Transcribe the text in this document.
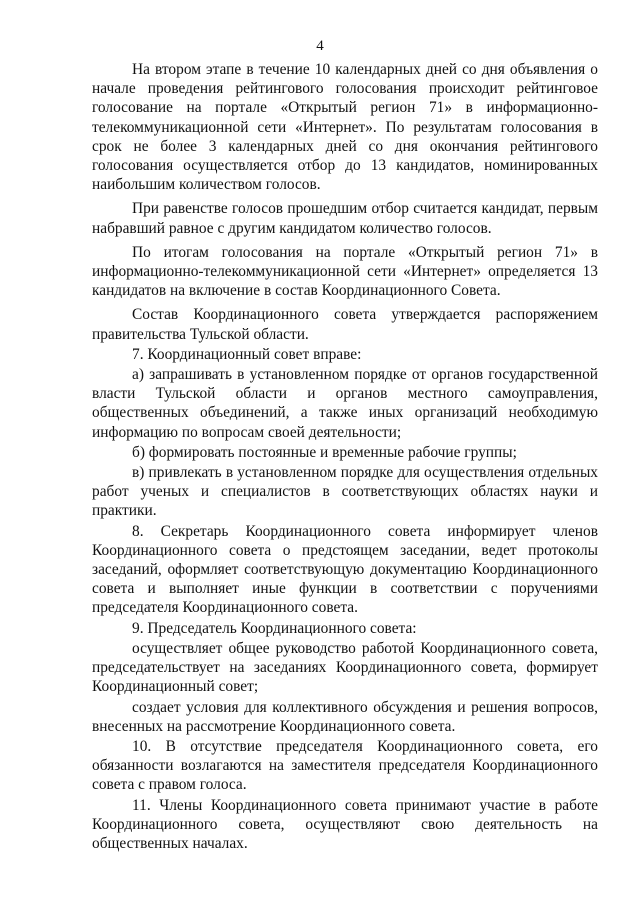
4

На втором этапе в течение 10 календарных дней со дня объявления о начале проведения рейтингового голосования происходит рейтинговое голосование на портале «Открытый регион 71» в информационно-телекоммуникационной сети «Интернет». По результатам голосования в срок не более 3 календарных дней со дня окончания рейтингового голосования осуществляется отбор до 13 кандидатов, номинированных наибольшим количеством голосов.

При равенстве голосов прошедшим отбор считается кандидат, первым набравший равное с другим кандидатом количество голосов.

По итогам голосования на портале «Открытый регион 71» в информационно-телекоммуникационной сети «Интернет» определяется 13 кандидатов на включение в состав Координационного Совета.

Состав Координационного совета утверждается распоряжением правительства Тульской области.

7. Координационный совет вправе:

а) запрашивать в установленном порядке от органов государственной власти Тульской области и органов местного самоуправления, общественных объединений, а также иных организаций необходимую информацию по вопросам своей деятельности;

б) формировать постоянные и временные рабочие группы;

в) привлекать в установленном порядке для осуществления отдельных работ ученых и специалистов в соответствующих областях науки и практики.

8. Секретарь Координационного совета информирует членов Координационного совета о предстоящем заседании, ведет протоколы заседаний, оформляет соответствующую документацию Координационного совета и выполняет иные функции в соответствии с поручениями председателя Координационного совета.

9. Председатель Координационного совета:

осуществляет общее руководство работой Координационного совета, председательствует на заседаниях Координационного совета, формирует Координационный совет;

создает условия для коллективного обсуждения и решения вопросов, внесенных на рассмотрение Координационного совета.

10. В отсутствие председателя Координационного совета, его обязанности возлагаются на заместителя председателя Координационного совета с правом голоса.

11. Члены Координационного совета принимают участие в работе Координационного совета, осуществляют свою деятельность на общественных началах.
